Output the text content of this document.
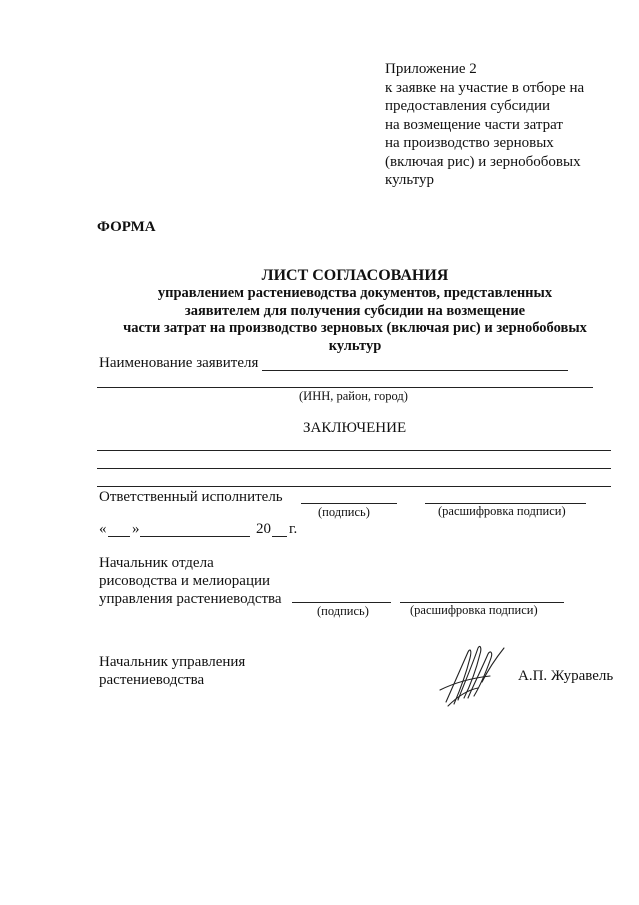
Приложение 2
к заявке на участие в отборе на
предоставления субсидии
на возмещение части затрат
на производство зерновых
(включая рис) и зернобобовых
культур
ФОРМА
ЛИСТ СОГЛАСОВАНИЯ
управлением растениеводства документов, представленных
заявителем для получения субсидии на возмещение
части затрат на производство зерновых (включая рис) и зернобобовых
культур
Наименование заявителя
(ИНН, район, город)
ЗАКЛЮЧЕНИЕ
Ответственный исполнитель
(подпись)	(расшифровка подписи)
« »	20 г.
Начальник отдела
рисоводства и мелиорации
управления растениеводства
(подпись)	(расшифровка подписи)
Начальник управления
растениеводства	А.П. Журавель
